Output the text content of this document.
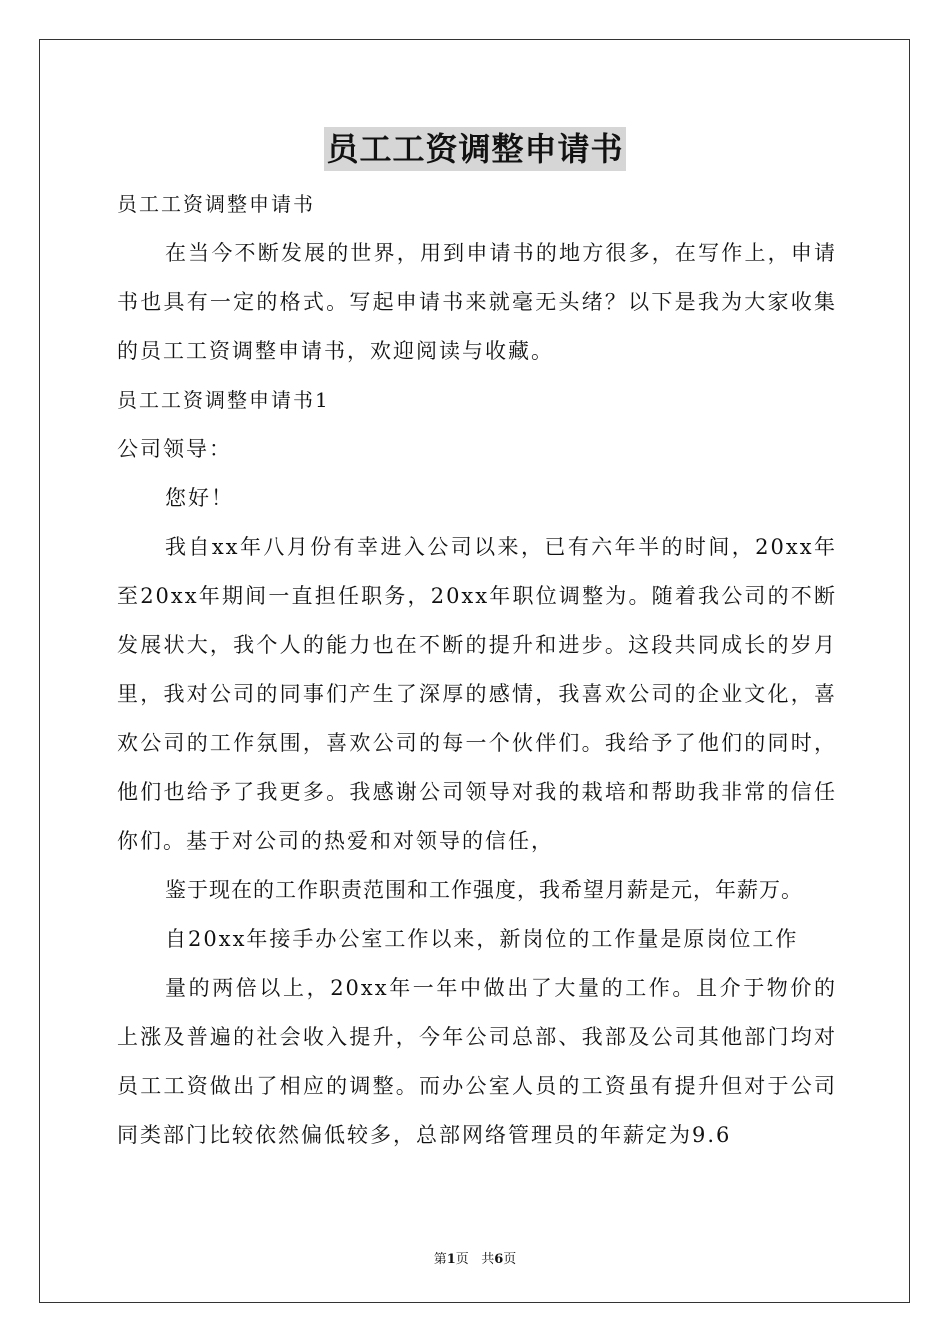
员工工资调整申请书

员工工资调整申请书

在当今不断发展的世界，用到申请书的地方很多，在写作上，申请书也具有一定的格式。写起申请书来就毫无头绪？以下是我为大家收集的员工工资调整申请书，欢迎阅读与收藏。

员工工资调整申请书1

公司领导：

您好！

我自xx年八月份有幸进入公司以来，已有六年半的时间，20xx年至20xx年期间一直担任职务，20xx年职位调整为。随着我公司的不断发展状大，我个人的能力也在不断的提升和进步。这段共同成长的岁月里，我对公司的同事们产生了深厚的感情，我喜欢公司的企业文化，喜欢公司的工作氛围，喜欢公司的每一个伙伴们。我给予了他们的同时，他们也给予了我更多。我感谢公司领导对我的栽培和帮助我非常的信任你们。基于对公司的热爱和对领导的信任，

鉴于现在的工作职责范围和工作强度，我希望月薪是元，年薪万。

自20xx年接手办公室工作以来，新岗位的工作量是原岗位工作

量的两倍以上，20xx年一年中做出了大量的工作。且介于物价的上涨及普遍的社会收入提升，今年公司总部、我部及公司其他部门均对员工工资做出了相应的调整。而办公室人员的工资虽有提升但对于公司同类部门比较依然偏低较多，总部网络管理员的年薪定为9.6

第1页 共6页
